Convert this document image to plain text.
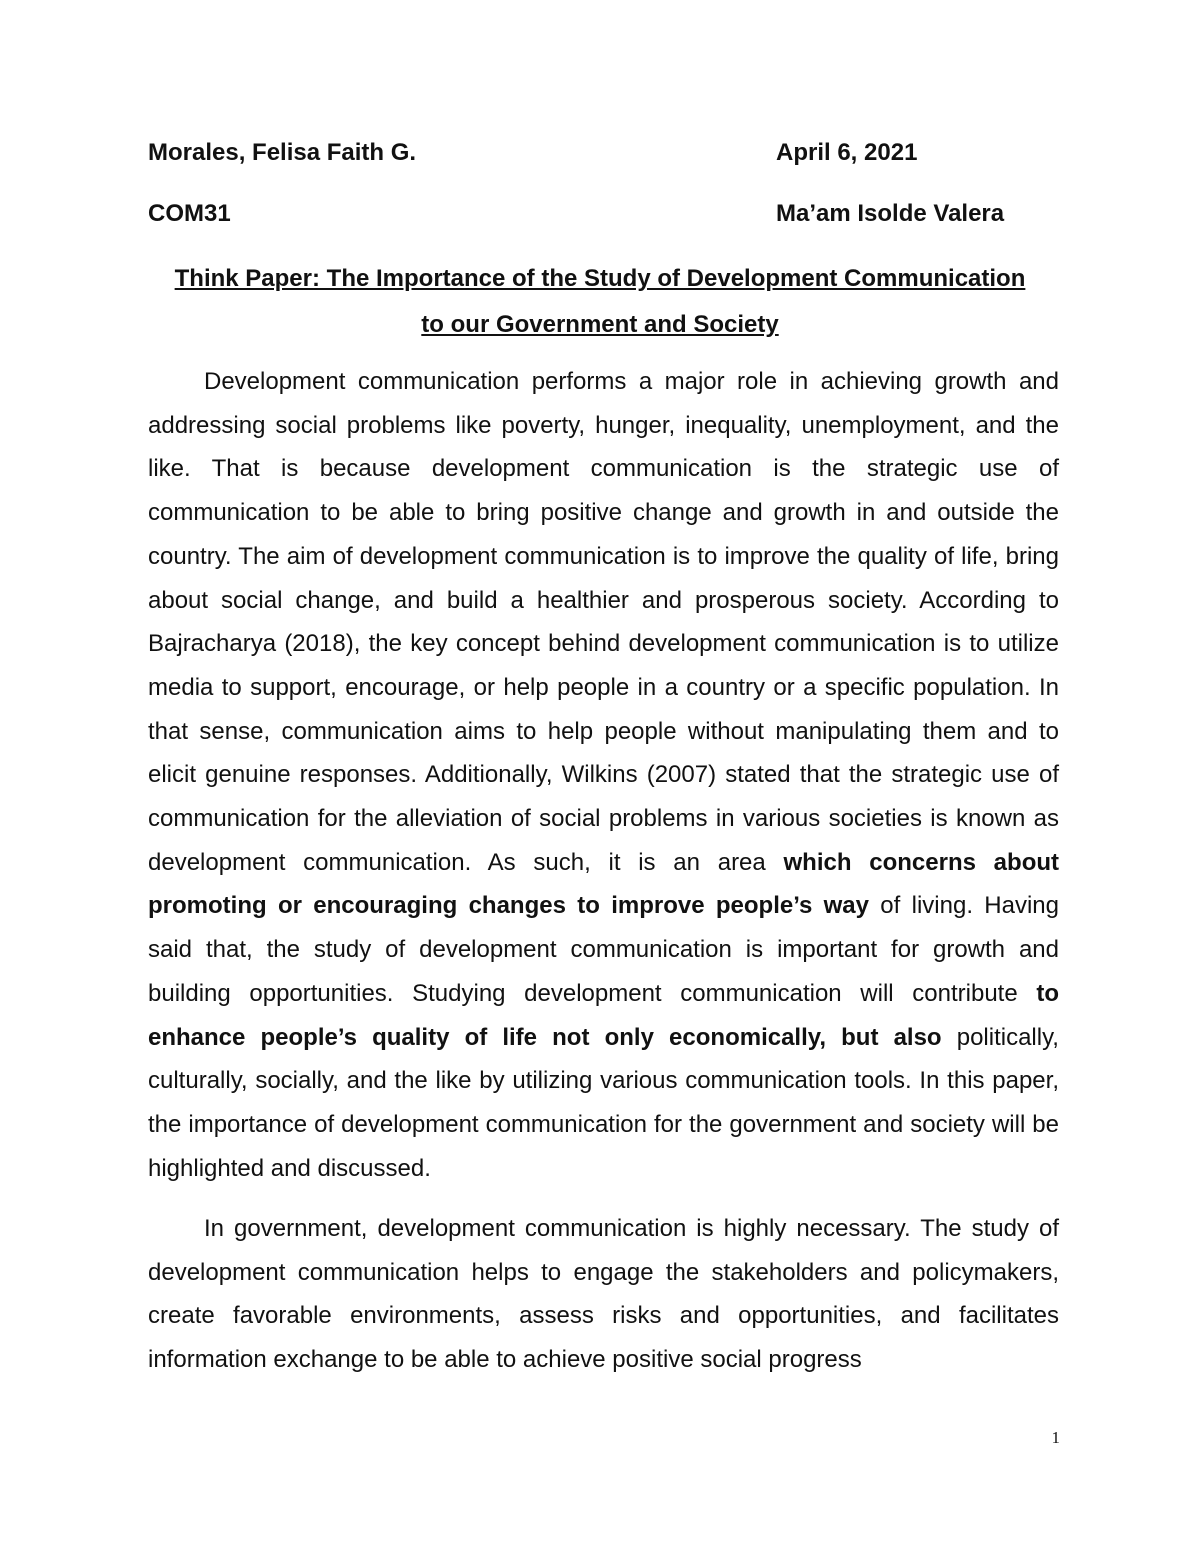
Morales, Felisa Faith G.	April 6, 2021
COM31	Ma’am Isolde Valera
Think Paper: The Importance of the Study of Development Communication
to our Government and Society

Development communication performs a major role in achieving growth and addressing social problems like poverty, hunger, inequality, unemployment, and the like. That is because development communication is the strategic use of communication to be able to bring positive change and growth in and outside the country. The aim of development communication is to improve the quality of life, bring about social change, and build a healthier and prosperous society. According to Bajracharya (2018), the key concept behind development communication is to utilize media to support, encourage, or help people in a country or a specific population. In that sense, communication aims to help people without manipulating them and to elicit genuine responses. Additionally, Wilkins (2007) stated that the strategic use of communication for the alleviation of social problems in various societies is known as development communication. As such, it is an area which concerns about promoting or encouraging changes to improve people’s way of living. Having said that, the study of development communication is important for growth and building opportunities. Studying development communication will contribute to enhance people’s quality of life not only economically, but also politically, culturally, socially, and the like by utilizing various communication tools. In this paper, the importance of development communication for the government and society will be highlighted and discussed.

In government, development communication is highly necessary. The study of development communication helps to engage the stakeholders and policymakers, create favorable environments, assess risks and opportunities, and facilitates information exchange to be able to achieve positive social progress

1
